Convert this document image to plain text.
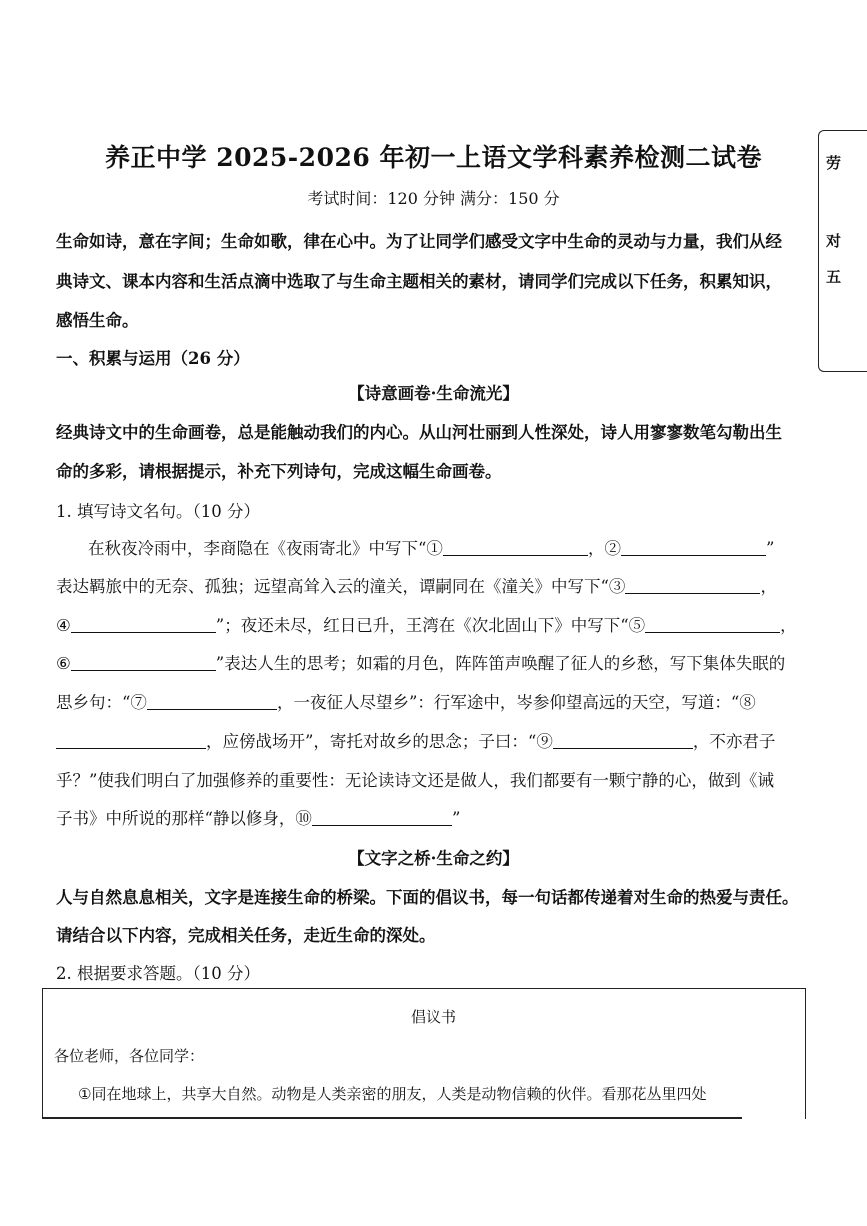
养正中学 2025-2026 年初一上语文学科素养检测二试卷
考试时间：120 分钟 满分：150 分
劳
对
五
生命如诗，意在字间；生命如歌，律在心中。为了让同学们感受文字中生命的灵动与力量，我们从经
典诗文、课本内容和生活点滴中选取了与生命主题相关的素材，请同学们完成以下任务，积累知识，
感悟生命。
一、积累与运用（26 分）
【诗意画卷·生命流光】
经典诗文中的生命画卷，总是能触动我们的内心。从山河壮丽到人性深处，诗人用寥寥数笔勾勒出生
命的多彩，请根据提示，补充下列诗句，完成这幅生命画卷。
1. 填写诗文名句。（10 分）
在秋夜冷雨中，李商隐在《夜雨寄北》中写下“①	，②	”
表达羁旅中的无奈、孤独；远望高耸入云的潼关，谭嗣同在《潼关》中写下“③	，
④	”；夜还未尽，红日已升，王湾在《次北固山下》中写下“⑤	，
⑥	”表达人生的思考；如霜的月色，阵阵笛声唤醒了征人的乡愁，写下集体失眠的
思乡句：“⑦	，一夜征人尽望乡”：行军途中，岑参仰望高远的天空，写道：“⑧
，应傍战场开”，寄托对故乡的思念；子曰：“⑨	，不亦君子
乎？”使我们明白了加强修养的重要性：无论读诗文还是做人，我们都要有一颗宁静的心，做到《诫
子书》中所说的那样“静以修身，⑩	”
【文字之桥·生命之约】
人与自然息息相关，文字是连接生命的桥梁。下面的倡议书，每一句话都传递着对生命的热爱与责任。
请结合以下内容，完成相关任务，走近生命的深处。
2. 根据要求答题。（10 分）
倡议书
各位老师，各位同学：
①同在地球上，共享大自然。动物是人类亲密的朋友，人类是动物信赖的伙伴。看那花丛里四处
